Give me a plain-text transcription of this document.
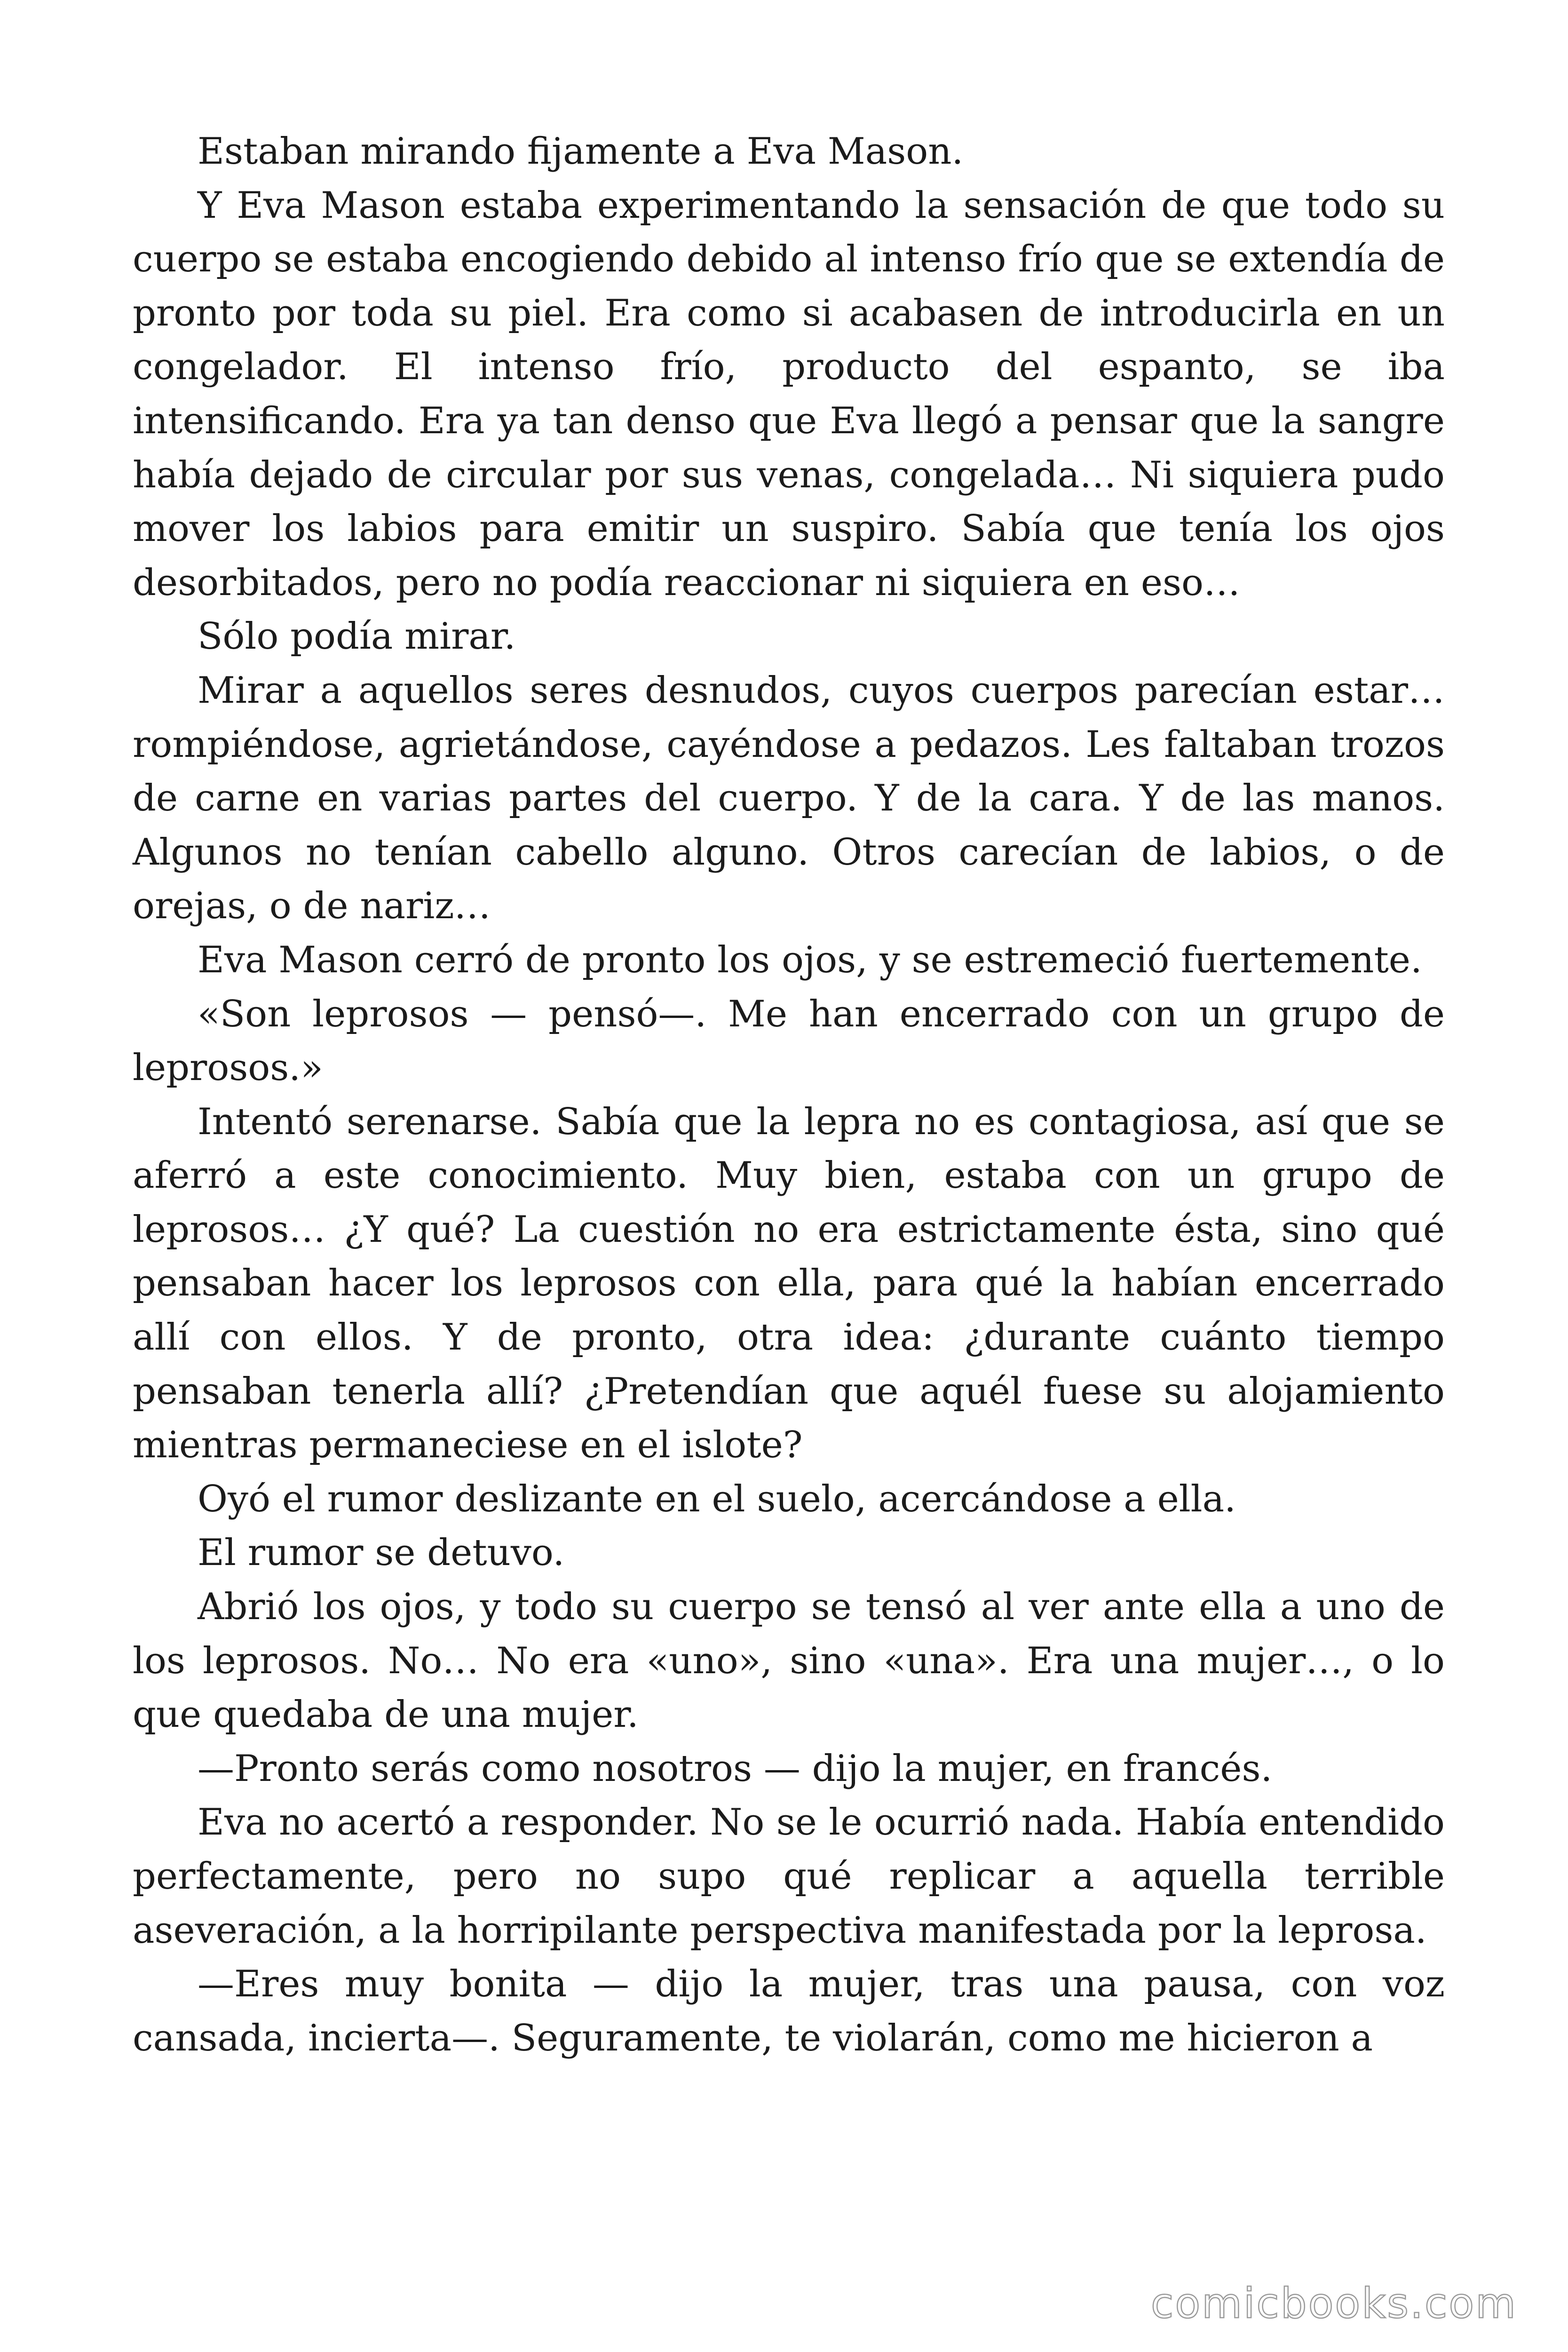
Estaban mirando fijamente a Eva Mason.

Y Eva Mason estaba experimentando la sensación de que todo su cuerpo se estaba encogiendo debido al intenso frío que se extendía de pronto por toda su piel. Era como si acabasen de introducirla en un congelador. El intenso frío, producto del espanto, se iba intensificando. Era ya tan denso que Eva llegó a pensar que la sangre había dejado de circular por sus venas, congelada… Ni siquiera pudo mover los labios para emitir un suspiro. Sabía que tenía los ojos desorbitados, pero no podía reaccionar ni siquiera en eso…

Sólo podía mirar.

Mirar a aquellos seres desnudos, cuyos cuerpos parecían estar… rompiéndose, agrietándose, cayéndose a pedazos. Les faltaban trozos de carne en varias partes del cuerpo. Y de la cara. Y de las manos. Algunos no tenían cabello alguno. Otros carecían de labios, o de orejas, o de nariz…

Eva Mason cerró de pronto los ojos, y se estremeció fuertemente.

«Son leprosos — pensó—. Me han encerrado con un grupo de leprosos.»

Intentó serenarse. Sabía que la lepra no es contagiosa, así que se aferró a este conocimiento. Muy bien, estaba con un grupo de leprosos… ¿Y qué? La cuestión no era estrictamente ésta, sino qué pensaban hacer los leprosos con ella, para qué la habían encerrado allí con ellos. Y de pronto, otra idea: ¿durante cuánto tiempo pensaban tenerla allí? ¿Pretendían que aquél fuese su alojamiento mientras permaneciese en el islote?

Oyó el rumor deslizante en el suelo, acercándose a ella.

El rumor se detuvo.

Abrió los ojos, y todo su cuerpo se tensó al ver ante ella a uno de los leprosos. No… No era «uno», sino «una». Era una mujer…, o lo que quedaba de una mujer.

—Pronto serás como nosotros — dijo la mujer, en francés.

Eva no acertó a responder. No se le ocurrió nada. Había entendido perfectamente, pero no supo qué replicar a aquella terrible aseveración, a la horripilante perspectiva manifestada por la leprosa.

—Eres muy bonita — dijo la mujer, tras una pausa, con voz cansada, incierta—. Seguramente, te violarán, como me hicieron a

comicbooks.com
